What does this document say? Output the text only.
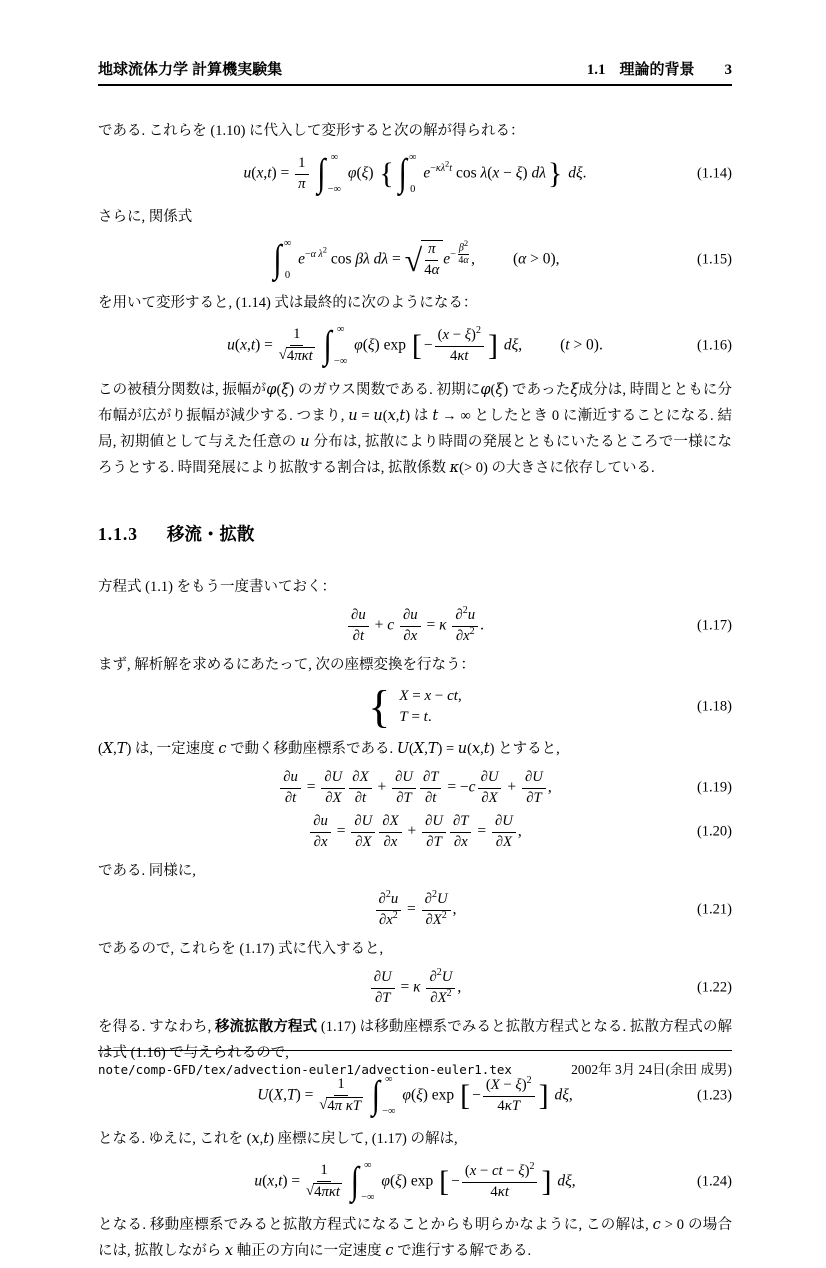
地球流体力学 計算機実験集	1.1 理論的背景 3
である. これらを (1.10) に代入して変形すると次の解が得られる：
$u(x,t) = \frac{1}{\pi}$
∫ ∞
−∞
φ(ξ) { ∫ ∞
0
$e^{-\kappa\lambda^2t}$ cos λ(x − ξ) dλ} dξ.	(1.14)
さらに, 関係式
∫ ∞
0
$e^{-\alpha \lambda^2}$ cos βλ dλ = √ $\frac{\pi}{4\alpha} e^{- \frac{\beta^2}{4\alpha}}$ , (α > 0),	(1.15)
を用いて変形すると, (1.14) 式は最終的に次のようになる：
u(x,t) =
1
√ 4πκt
∫ ∞
−∞
φ(ξ) exp [ − $\frac{(x - \xi)^2}{4\kappa t}$ ] dξ, (t > 0).	(1.16)
この被積分関数は, 振幅がφ(ξ) のガウス関数である. 初期にφ(ξ) であったξ成分は, 時間とともに分布幅が広がり振幅が減少する. つまり, u = u(x,t) は t → ∞ としたとき 0 に漸近することになる. 結局, 初期値として与えた任意の u 分布は, 拡散により時間の発展とともにいたるところで一様になろうとする. 時間発展により拡散する割合は, 拡散係数 κ(> 0) の大きさに依存している.
1.1.3 移流・拡散
方程式 (1.1) をもう一度書いておく：
$\frac{\partial u}{\partial t} + c \frac{\partial u}{\partial x} = \kappa \frac{\partial^2u}{\partial x^2}$ .	(1.17)
まず, 解析解を求めるにあたって, 次の座標変換を行なう：
{ X = x − ct,
T = t.
(1.18)
(X,T) は, 一定速度 c で動く移動座標系である. U(X,T) = u(x,t) とすると,
$\frac{\partial u}{\partial t} = \frac{\partial U}{\partial X} \frac{\partial X}{\partial t} + \frac{\partial U}{\partial T} \frac{\partial T}{\partial t} = -c \frac{\partial U}{\partial X} + \frac{\partial U}{\partial T}$ ,	(1.19)
$\frac{\partial u}{\partial x} = \frac{\partial U}{\partial X} \frac{\partial X}{\partial x} + \frac{\partial U}{\partial T} \frac{\partial T}{\partial x} = \frac{\partial U}{\partial X}$ ,	(1.20)
である. 同様に,
$\frac{\partial^2u}{\partial x^2} = \frac{\partial^2U}{\partial X^2}$ ,	(1.21)
であるので, これらを (1.17) 式に代入すると,
$\frac{\partial U}{\partial T} = \kappa \frac{\partial^2U}{\partial X^2}$ ,	(1.22)
を得る. すなわち, 移流拡散方程式 (1.17) は移動座標系でみると拡散方程式となる. 拡散方程式の解は式 (1.16) で与えられるので,
$U(X,T) = \frac{1}{\text{√ 4π κT}}$
∫ ∞
−∞
φ(ξ) exp [ − $\frac{(X - \xi)^2}{4\kappa T}$ ] dξ,	(1.23)
となる. ゆえに, これを (x,t) 座標に戻して, (1.17) の解は,
u(x,t) =
1
√ 4πκt
∫ ∞
−∞
φ(ξ) exp [ − $\frac{(x - ct - \xi)^2}{4\kappa t}$ ] dξ,	(1.24)
となる. 移動座標系でみると拡散方程式になることからも明らかなように, この解は, c > 0 の場合には, 拡散しながら x 軸正の方向に一定速度 c で進行する解である.
note/comp-GFD/tex/advection-euler1/advection-euler1.tex	2002年 3月 24日(余田 成男)
